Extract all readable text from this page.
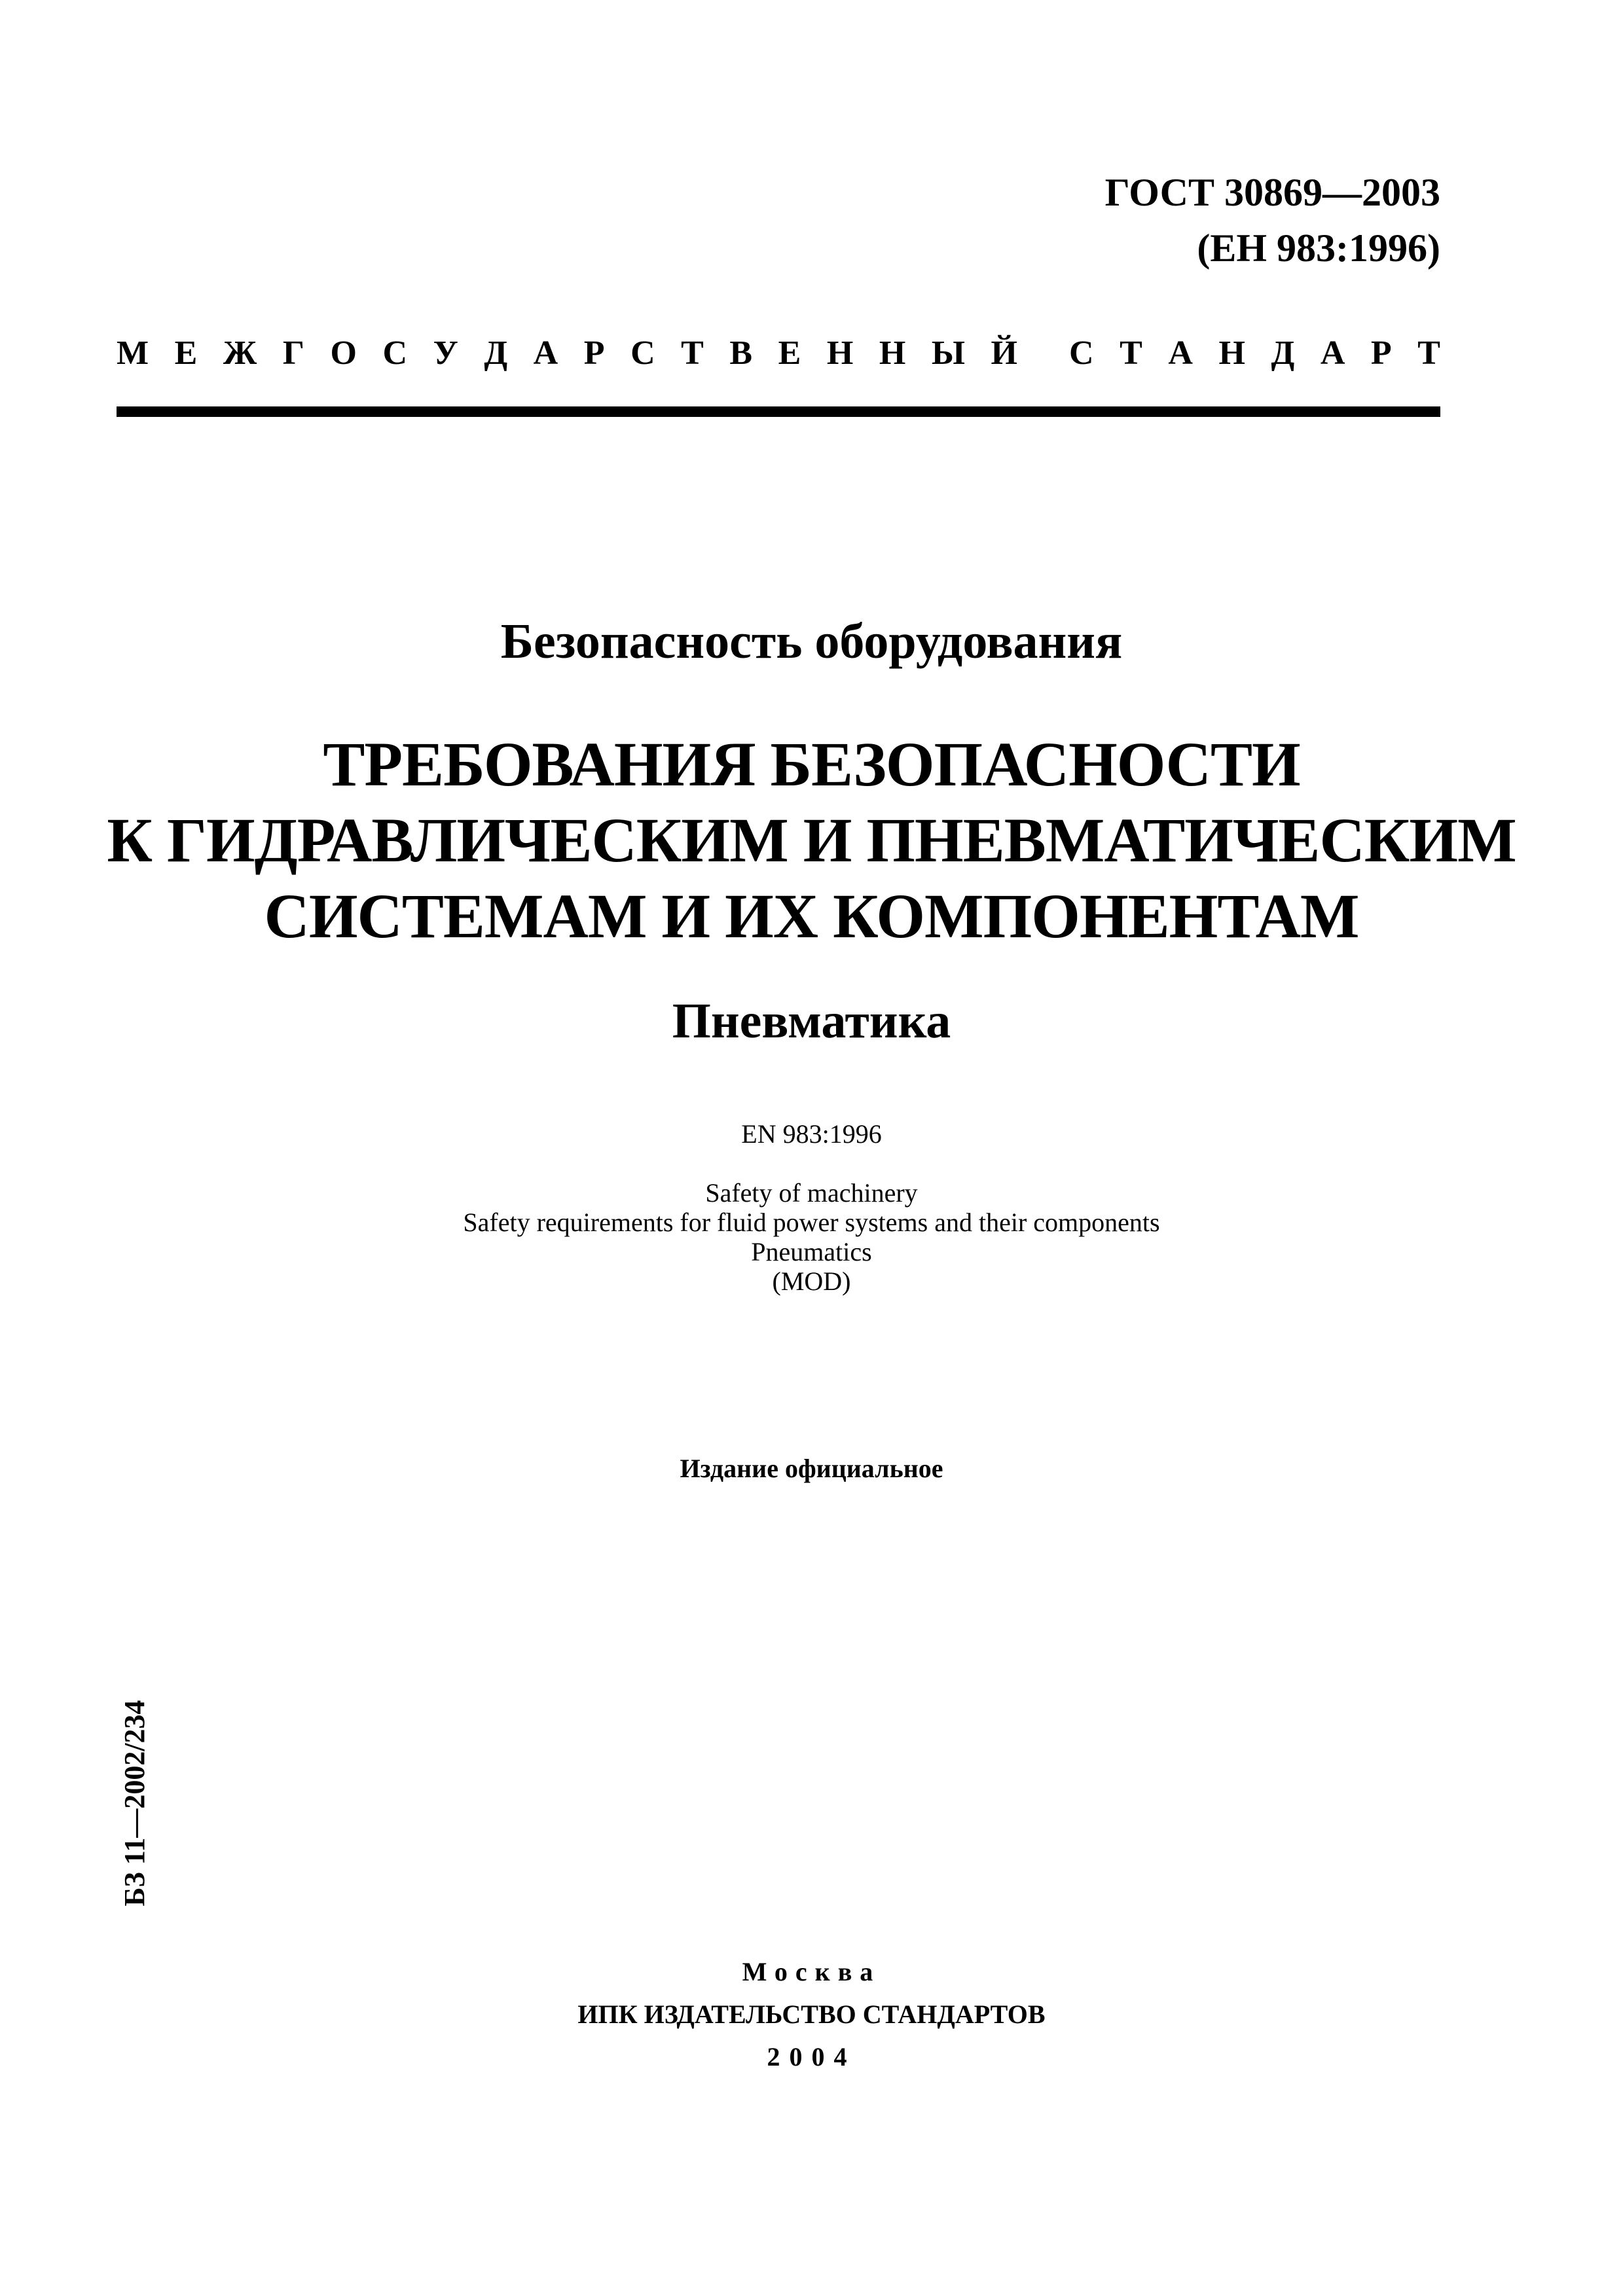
ГОСТ 30869—2003
(ЕН 983:1996)
М Е Ж Г О С У Д А Р С Т В Е Н Н Ы Й С Т А Н Д А Р Т
Безопасность оборудования
ТРЕБОВАНИЯ БЕЗОПАСНОСТИ
К ГИДРАВЛИЧЕСКИМ И ПНЕВМАТИЧЕСКИМ
СИСТЕМАМ И ИХ КОМПОНЕНТАМ
Пневматика
EN 983:1996
Safety of machinery
Safety requirements for fluid power systems and their components
Pneumatics
(MOD)
Издание официальное
БЗ 11—2002/234
Москва
ИПК ИЗДАТЕЛЬСТВО СТАНДАРТОВ
2004
